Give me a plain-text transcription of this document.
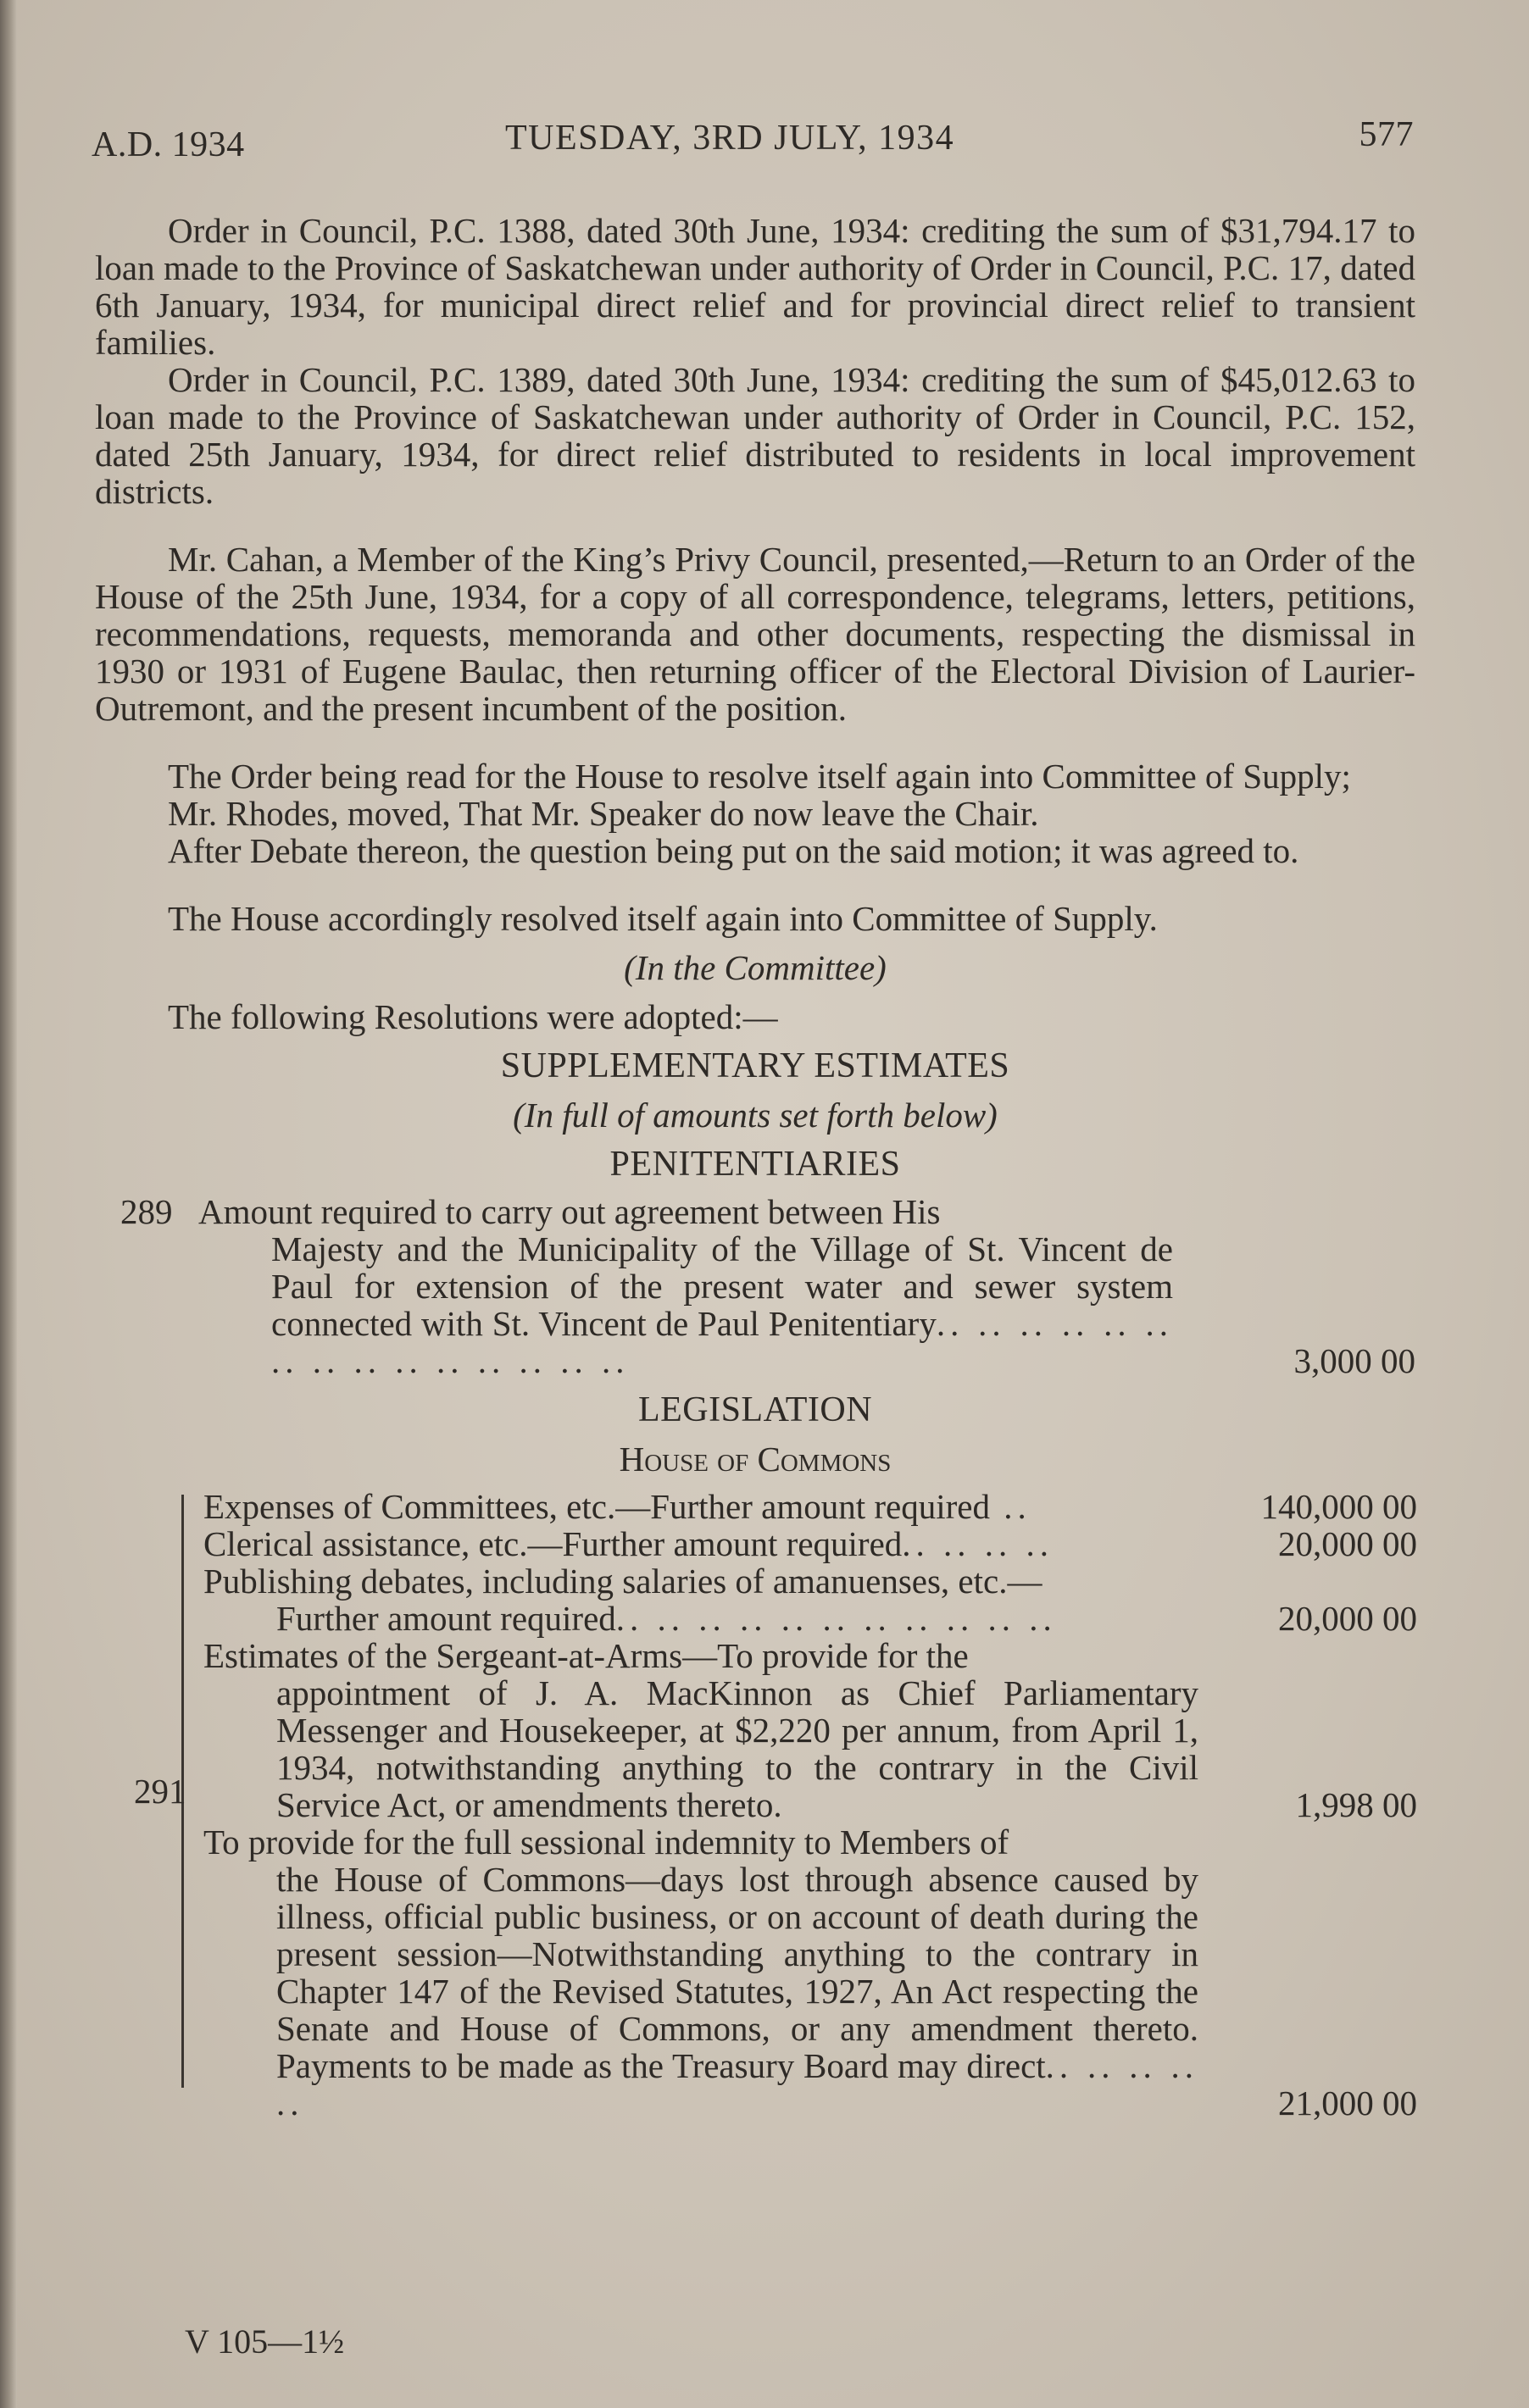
A.D. 1934	TUESDAY, 3RD JULY, 1934	577

Order in Council, P.C. 1388, dated 30th June, 1934: crediting the sum of $31,794.17 to loan made to the Province of Saskatchewan under authority of Order in Council, P.C. 17, dated 6th January, 1934, for municipal direct relief and for provincial direct relief to transient families.

Order in Council, P.C. 1389, dated 30th June, 1934: crediting the sum of $45,012.63 to loan made to the Province of Saskatchewan under authority of Order in Council, P.C. 152, dated 25th January, 1934, for direct relief distributed to residents in local improvement districts.

Mr. Cahan, a Member of the King’s Privy Council, presented,—Return to an Order of the House of the 25th June, 1934, for a copy of all correspondence, telegrams, letters, petitions, recommendations, requests, memoranda and other documents, respecting the dismissal in 1930 or 1931 of Eugene Baulac, then returning officer of the Electoral Division of Laurier-Outremont, and the present incumbent of the position.

The Order being read for the House to resolve itself again into Committee of Supply;

Mr. Rhodes, moved, That Mr. Speaker do now leave the Chair.

After Debate thereon, the question being put on the said motion; it was agreed to.

The House accordingly resolved itself again into Committee of Supply.

(In the Committee)

The following Resolutions were adopted:—

SUPPLEMENTARY ESTIMATES

(In full of amounts set forth below)

PENITENTIARIES

289 Amount required to carry out agreement between His
Majesty and the Municipality of the Village of St. Vincent de Paul for extension of the present water and sewer system connected with St. Vincent de Paul Penitentiary.. .. .. .. .. .. .. .. .. .. .. .. .. .. ..	3,000 00

LEGISLATION

House of Commons

291
Expenses of Committees, etc.—Further amount required ..	140,000 00
Clerical assistance, etc.—Further amount required.. .. .. ..	20,000 00
Publishing debates, including salaries of amanuenses, etc.—
Further amount required.. .. .. .. .. .. .. .. .. .. ..	20,000 00
Estimates of the Sergeant-at-Arms—To provide for the
appointment of J. A. MacKinnon as Chief Parliamentary Messenger and Housekeeper, at $2,220 per annum, from April 1, 1934, notwithstanding anything to the contrary in the Civil Service Act, or amendments thereto.	1,998 00
To provide for the full sessional indemnity to Members of
the House of Commons—days lost through absence caused by illness, official public business, or on account of death during the present session—Notwithstanding anything to the contrary in Chapter 147 of the Revised Statutes, 1927, An Act respecting the Senate and House of Commons, or any amendment thereto. Payments to be made as the Treasury Board may direct.. .. .. .. ..	21,000 00
V 105—1½
